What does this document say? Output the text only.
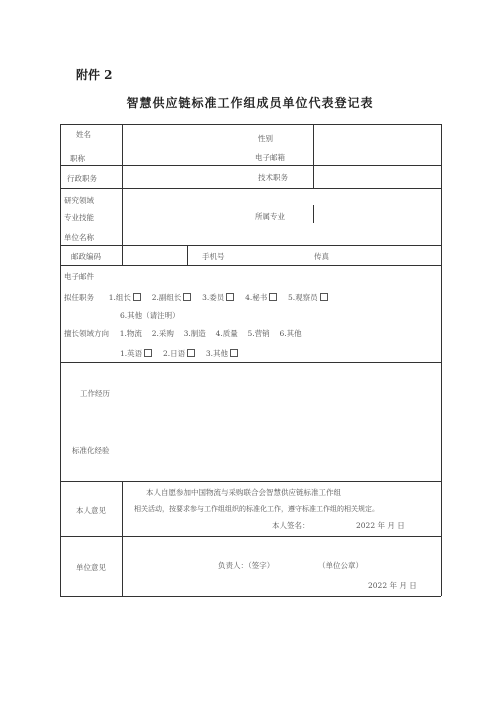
附件 2
智慧供应链标准工作组成员单位代表登记表
姓名	性别
职称	电子邮箱
行政职务	技术职务
研究领域
专业技能	所属专业
单位名称
邮政编码	手机号	传真
电子邮件
拟任职务 1.组长	2.副组长	3.委员	4.秘书	5.观察员
6.其他（请注明）
擅长领域方向 1.物流 2.采购 3.制造 4.质量 5.营销 6.其他
1.英语	2.日语	3.其他
工作经历
标准化经验
本人意见
本人自愿参加中国物流与采购联合会智慧供应链标准工作组
相关活动，按要求参与工作组组织的标准化工作，遵守标准工作组的相关规定。
本人签名：	2022 年 月 日
单位意见	负责人：（签字）	（单位公章）
2022 年 月 日
